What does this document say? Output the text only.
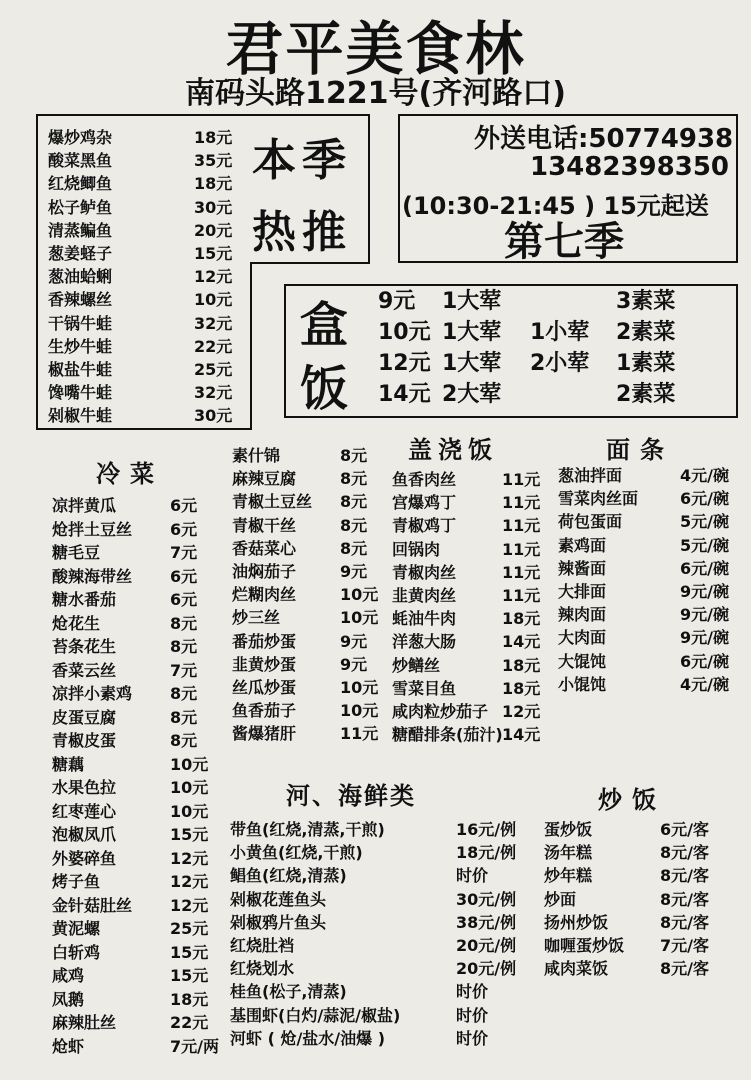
君平美食林
南码头路1221号(齐河路口)
本季
热推
爆炒鸡杂	18元
酸菜黑鱼	35元
红烧鲫鱼	18元
松子鲈鱼	30元
清蒸鳊鱼	20元
葱姜蛏子	15元
葱油蛤蜊	12元
香辣螺丝	10元
干锅牛蛙	32元
生炒牛蛙	22元
椒盐牛蛙	25元
馋嘴牛蛙	32元
剁椒牛蛙	30元
外送电话:50774938
13482398350
(10:30-21:45 ) 15元起送
第七季
盒
饭
9元 1大荤	3素菜
10元 1大荤 1小荤 2素菜
12元 1大荤 2小荤 1素菜
14元 2大荤	2素菜
冷菜
盖浇饭	面条
河、海鲜类	炒饭
凉拌黄瓜	6元
炝拌土豆丝 6元
糖毛豆	7元
酸辣海带丝 6元
糖水番茄	6元
炝花生	8元
苔条花生	8元
香菜云丝	7元
凉拌小素鸡 8元
皮蛋豆腐	8元
青椒皮蛋	8元
糖藕	10元
水果色拉	10元
红枣莲心	10元
泡椒凤爪	15元
外婆碎鱼	12元
烤子鱼	12元
金针菇肚丝 12元
黄泥螺	25元
白斩鸡	15元
咸鸡	15元
凤鹅	18元
麻辣肚丝	22元
炝虾	7元/两
素什锦	8元
麻辣豆腐	8元
青椒土豆丝 8元
青椒干丝	8元
香菇菜心	8元
油焖茄子	9元
烂糊肉丝	10元
炒三丝	10元
番茄炒蛋	9元
韭黄炒蛋	9元
丝瓜炒蛋	10元
鱼香茄子	10元
酱爆猪肝	11元
鱼香肉丝	11元
宫爆鸡丁	11元
青椒鸡丁	11元
回锅肉	11元
青椒肉丝	11元
韭黄肉丝	11元
蚝油牛肉	18元
洋葱大肠	14元
炒鳝丝	18元
雪菜目鱼	18元
咸肉粒炒茄子 12元
糖醋排条(茄汁) 14元
葱油拌面	4元/碗
雪菜肉丝面	6元/碗
荷包蛋面	5元/碗
素鸡面	5元/碗
辣酱面	6元/碗
大排面	9元/碗
辣肉面	9元/碗
大肉面	9元/碗
大馄饨	6元/碗
小馄饨	4元/碗
带鱼(红烧,清蒸,干煎)	16元/例
小黄鱼(红烧,干煎)	18元/例
鲳鱼(红烧,清蒸)	时价
剁椒花莲鱼头	30元/例
剁椒鸦片鱼头	38元/例
红烧肚裆	20元/例
红烧划水	20元/例
桂鱼(松子,清蒸)	时价
基围虾(白灼/蒜泥/椒盐)	时价
河虾 ( 炝/盐水/油爆 )	时价
蛋炒饭	6元/客
汤年糕	8元/客
炒年糕	8元/客
炒面	8元/客
扬州炒饭	8元/客
咖喱蛋炒饭 7元/客
咸肉菜饭	8元/客
